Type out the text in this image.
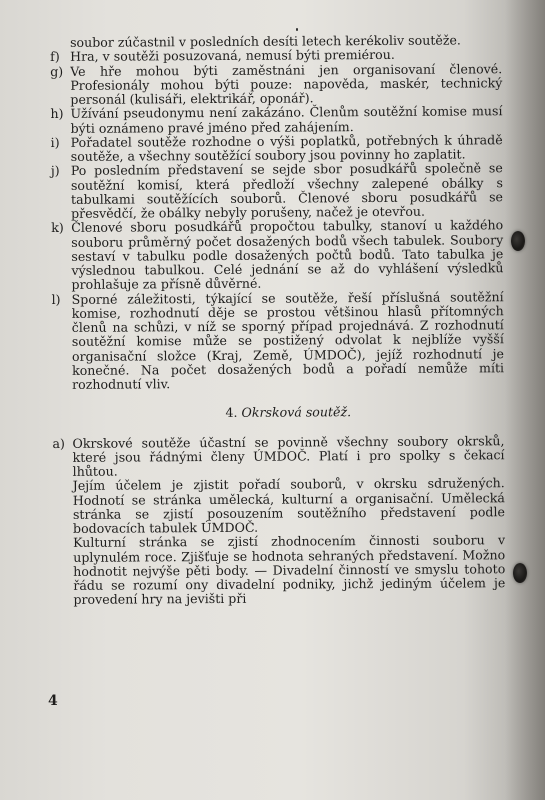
soubor zúčastnil v posledních desíti letech kerékoliv soutěže.

f) Hra, v soutěži posuzovaná, nemusí býti premiérou.

g) Ve hře mohou býti zaměstnáni jen organisovaní členové. Profesionály mohou býti pouze: napověda, maskér, technický personál (kulisáři, elektrikář, oponář).

h) Užívání pseudonymu není zakázáno. Členům soutěžní komise musí býti oznámeno pravé jméno před zahájením.

i) Pořadatel soutěže rozhodne o výši poplatků, potřebných k úhradě soutěže, a všechny soutěžící soubory jsou povinny ho zaplatit.

j) Po posledním představení se sejde sbor posudkářů společně se soutěžní komisí, která předloží všechny zalepené obálky s tabulkami soutěžících souborů. Členové sboru posudkářů se přesvědčí, že obálky nebyly porušeny, načež je otevřou.

k) Členové sboru posudkářů propočtou tabulky, stanoví u každého souboru průměrný počet dosažených bodů všech tabulek. Soubory sestaví v tabulku podle dosažených počtů bodů. Tato tabulka je výslednou tabulkou. Celé jednání se až do vyhlášení výsledků prohlašuje za přísně důvěrné.

l) Sporné záležitosti, týkající se soutěže, řeší příslušná soutěžní komise, rozhodnutí děje se prostou většinou hlasů přítomných členů na schůzi, v níž se sporný případ projednává. Z rozhodnutí soutěžní komise může se postižený odvolat k nejblíže vyšší organisační složce (Kraj, Země, ÚMDOČ), jejíž rozhodnutí je konečné. Na počet dosažených bodů a pořadí nemůže míti rozhodnutí vliv.

4. Okrsková soutěž.

a) Okrskové soutěže účastní se povinně všechny soubory okrsků, které jsou řádnými členy ÚMDOČ. Platí i pro spolky s čekací lhůtou.

Jejím účelem je zjistit pořadí souborů, v okrsku sdružených. Hodnotí se stránka umělecká, kulturní a organisační. Umělecká stránka se zjistí posouzením soutěžního představení podle bodovacích tabulek ÚMDOČ.

Kulturní stránka se zjistí zhodnocením činnosti souboru v uplynulém roce. Zjišťuje se hodnota sehraných představení. Možno hodnotit nejvýše pěti body. — Divadelní činností ve smyslu tohoto řádu se rozumí ony divadelní podniky, jichž jediným účelem je provedení hry na jevišti při

4
